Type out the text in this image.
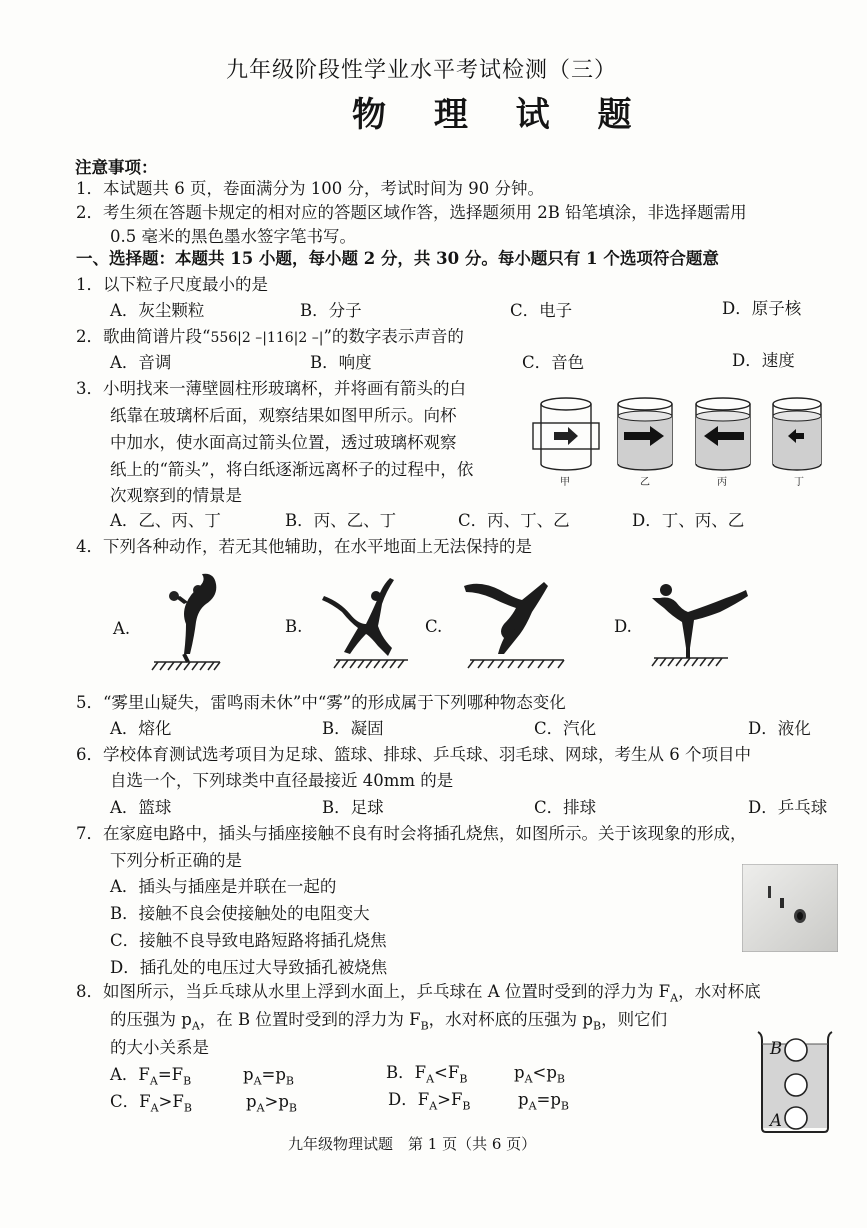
九年级阶段性学业水平考试检测（三）
物 理 试 题
注意事项：
1．本试题共 6 页，卷面满分为 100 分，考试时间为 90 分钟。
2．考生须在答题卡规定的相对应的答题区域作答，选择题须用 2B 铅笔填涂，非选择题需用
0.5 毫米的黑色墨水签字笔书写。
一、选择题：本题共 15 小题，每小题 2 分，共 30 分。每小题只有 1 个选项符合题意
1．以下粒子尺度最小的是
A．灰尘颗粒	B．分子	C．电子	D．原子核
2．歌曲简谱片段“556|2 –|116|2 –|”的数字表示声音的
A．音调	B．响度	C．音色	D．速度
3．小明找来一薄壁圆柱形玻璃杯，并将画有箭头的白
纸靠在玻璃杯后面，观察结果如图甲所示。向杯
中加水，使水面高过箭头位置，透过玻璃杯观察
纸上的“箭头”，将白纸逐渐远离杯子的过程中，依
次观察到的情景是
A．乙、丙、丁	B．丙、乙、丁	C．丙、丁、乙	D．丁、丙、乙
甲	乙	丙	丁
4．下列各种动作，若无其他辅助，在水平地面上无法保持的是
A.	B.	C.	D.
5．“雾里山疑失，雷鸣雨未休”中“雾”的形成属于下列哪种物态变化
A．熔化	B．凝固	C．汽化	D．液化
6．学校体育测试选考项目为足球、篮球、排球、乒乓球、羽毛球、网球，考生从 6 个项目中
自选一个，下列球类中直径最接近 40mm 的是
A．篮球	B．足球	C．排球	D．乒乓球
7．在家庭电路中，插头与插座接触不良有时会将插孔烧焦，如图所示。关于该现象的形成，
下列分析正确的是
A．插头与插座是并联在一起的
B．接触不良会使接触处的电阻变大
C．接触不良导致电路短路将插孔烧焦
D．插孔处的电压过大导致插孔被烧焦
8．如图所示，当乒乓球从水里上浮到水面上，乒乓球在 A 位置时受到的浮力为 $F_A$，水对杯底
的压强为 $p_A$，在 B 位置时受到的浮力为 $F_B$，水对杯底的压强为 $p_B$，则它们
的大小关系是
A．$F_A=F_B$	$p_A=p_B$	B．$F_A<F_B$	$p_A<p_B$
C．$F_A>F_B$	$p_A>p_B$	D．$F_A>F_B$	$p_A=p_B$
B
A
九年级物理试题　第 1 页（共 6 页）
